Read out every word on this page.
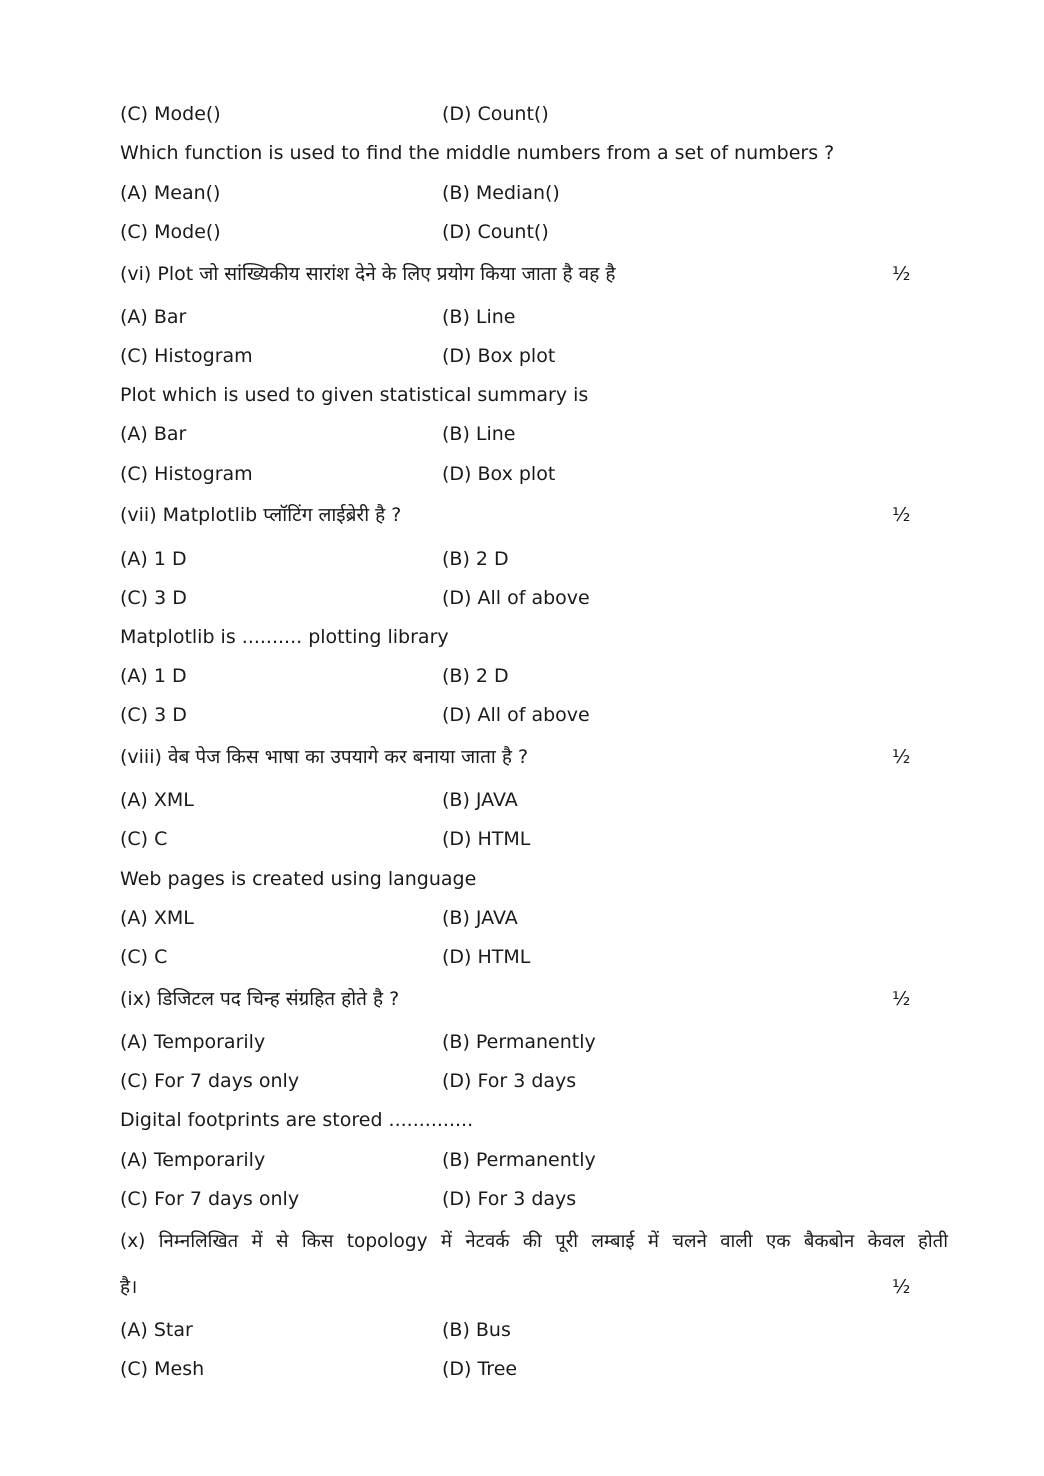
(C) Mode()	(D) Count()
Which function is used to find the middle numbers from a set of numbers ?
(A) Mean()	(B) Median()
(C) Mode()	(D) Count()
(vi) Plot जो सांख्यिकीय सारांश देने के लिए प्रयोग किया जाता है वह है	½
(A) Bar	(B) Line
(C) Histogram	(D) Box plot
Plot which is used to given statistical summary is
(A) Bar	(B) Line
(C) Histogram	(D) Box plot
(vii) Matplotlib प्लॉटिंग लाईब्रेरी है ?	½
(A) 1 D	(B) 2 D
(C) 3 D	(D) All of above
Matplotlib is .......... plotting library
(A) 1 D	(B) 2 D
(C) 3 D	(D) All of above
(viii) वेब पेज किस भाषा का उपयागे कर बनाया जाता है ?	½
(A) XML	(B) JAVA
(C) C	(D) HTML
Web pages is created using language
(A) XML	(B) JAVA
(C) C	(D) HTML
(ix) डिजिटल पद चिन्ह संग्रहित होते है ?	½
(A) Temporarily	(B) Permanently
(C) For 7 days only	(D) For 3 days
Digital footprints are stored ..............
(A) Temporarily	(B) Permanently
(C) For 7 days only	(D) For 3 days
(x) निम्नलिखित में से किस topology में नेटवर्क की पूरी लम्बाई में चलने वाली एक बैकबोन केवल होती
है।	½
(A) Star	(B) Bus
(C) Mesh	(D) Tree
